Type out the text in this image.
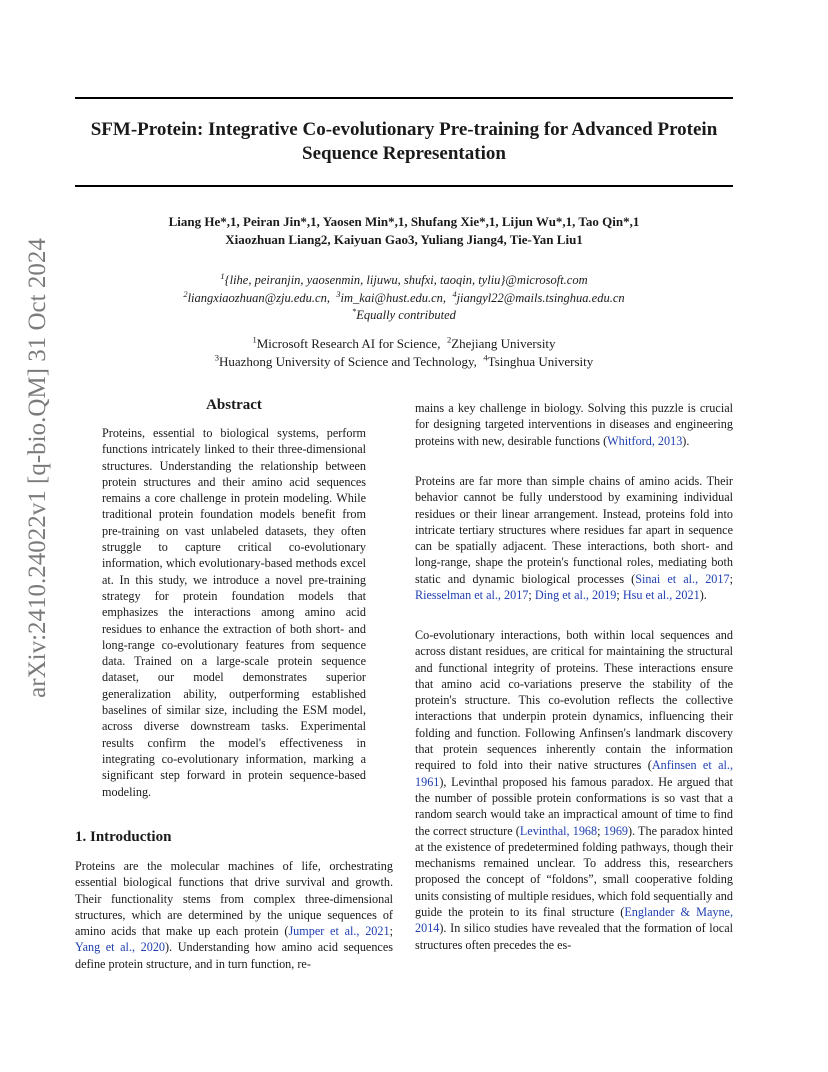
arXiv:2410.24022v1 [q-bio.QM] 31 Oct 2024
SFM-Protein: Integrative Co-evolutionary Pre-training for Advanced Protein
Sequence Representation
Liang He*,1, Peiran Jin*,1, Yaosen Min*,1, Shufang Xie*,1, Lijun Wu*,1, Tao Qin*,1
Xiaozhuan Liang2, Kaiyuan Gao3, Yuliang Jiang4, Tie-Yan Liu1
$^1${lihe, peiranjin, yaosenmin, lijuwu, shufxi, taoqin, tyliu}@microsoft.com
$^2$liangxiaozhuan@zju.edu.cn, $^3$im_kai@hust.edu.cn, $^4$jiangyl22@mails.tsinghua.edu.cn
*Equally contributed
$^1$Microsoft Research AI for Science, $^2$Zhejiang University
$^3$Huazhong University of Science and Technology, $^4$Tsinghua University
Abstract
Proteins, essential to biological systems, perform functions intricately linked to their three-dimensional structures. Understanding the relationship between protein structures and their amino acid sequences remains a core challenge in protein modeling. While traditional protein foundation models benefit from pre-training on vast unlabeled datasets, they often struggle to capture critical co-evolutionary information, which evolutionary-based methods excel at. In this study, we introduce a novel pre-training strategy for protein foundation models that emphasizes the interactions among amino acid residues to enhance the extraction of both short- and long-range co-evolutionary features from sequence data. Trained on a large-scale protein sequence dataset, our model demonstrates superior generalization ability, outperforming established baselines of similar size, including the ESM model, across diverse downstream tasks. Experimental results confirm the model's effectiveness in integrating co-evolutionary information, marking a significant step forward in protein sequence-based modeling.
1. Introduction
Proteins are the molecular machines of life, orchestrating essential biological functions that drive survival and growth. Their functionality stems from complex three-dimensional structures, which are determined by the unique sequences of amino acids that make up each protein (Jumper et al., 2021; Yang et al., 2020). Understanding how amino acid sequences define protein structure, and in turn function, re-
mains a key challenge in biology. Solving this puzzle is crucial for designing targeted interventions in diseases and engineering proteins with new, desirable functions (Whitford, 2013).
Proteins are far more than simple chains of amino acids. Their behavior cannot be fully understood by examining individual residues or their linear arrangement. Instead, proteins fold into intricate tertiary structures where residues far apart in sequence can be spatially adjacent. These interactions, both short- and long-range, shape the protein's functional roles, mediating both static and dynamic biological processes (Sinai et al., 2017; Riesselman et al., 2017; Ding et al., 2019; Hsu et al., 2021).
Co-evolutionary interactions, both within local sequences and across distant residues, are critical for maintaining the structural and functional integrity of proteins. These interactions ensure that amino acid co-variations preserve the stability of the protein's structure. This co-evolution reflects the collective interactions that underpin protein dynamics, influencing their folding and function. Following Anfinsen's landmark discovery that protein sequences inherently contain the information required to fold into their native structures (Anfinsen et al., 1961), Levinthal proposed his famous paradox. He argued that the number of possible protein conformations is so vast that a random search would take an impractical amount of time to find the correct structure (Levinthal, 1968; 1969). The paradox hinted at the existence of predetermined folding pathways, though their mechanisms remained unclear. To address this, researchers proposed the concept of “foldons”, small cooperative folding units consisting of multiple residues, which fold sequentially and guide the protein to its final structure (Englander & Mayne, 2014). In silico studies have revealed that the formation of local structures often precedes the es-
